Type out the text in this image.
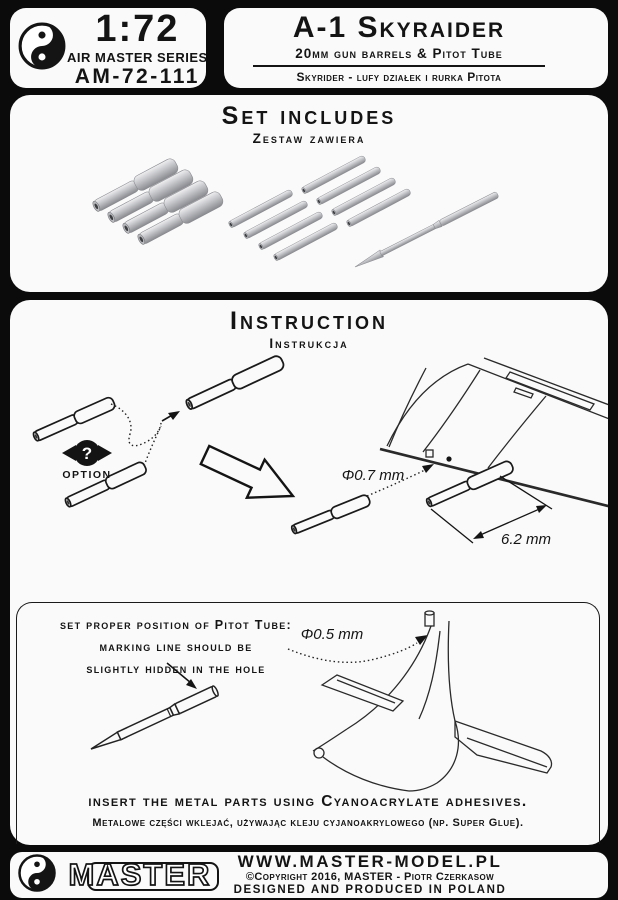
1:72
AIR MASTER SERIES
AM-72-111
A-1 Skyraider
20mm gun barrels & Pitot Tube
Skyrider - lufy działek i rurka Pitota
Set includes
Zestaw zawiera
Instruction
Instrukcja
?
OPTION	Φ0.7 mm
6.2 mm
Φ0.5 mm
set proper position of Pitot Tube:
marking line should be
slightly hidden in the hole
insert the metal parts using Cyanoacrylate adhesives.
Metalowe części wklejać, używając kleju cyjanoakrylowego (np. Super Glue).
MASTER	WWW.MASTER-MODEL.PL
©Copyright 2016, MASTER - Piotr Czerkasow
DESIGNED AND PRODUCED IN POLAND
